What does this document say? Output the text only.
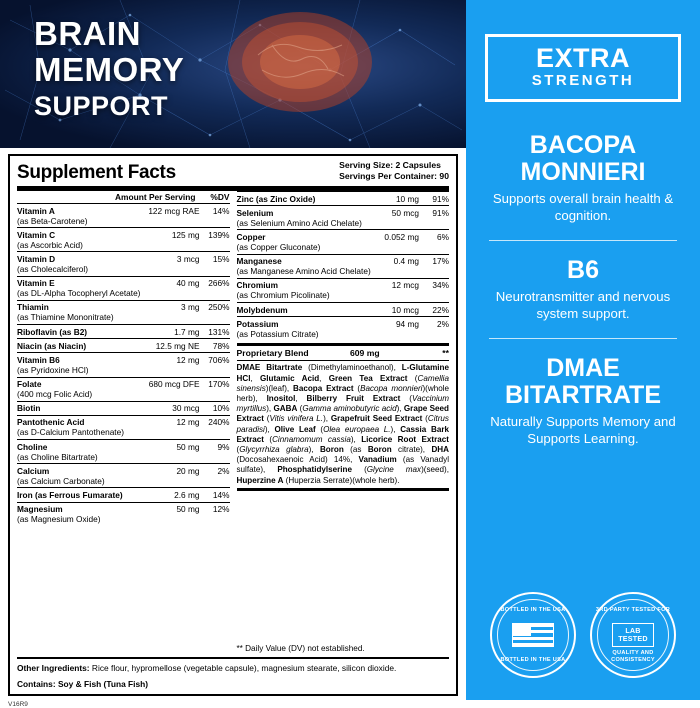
BRAIN
MEMORY
SUPPORT
Supplement Facts	Serving Size: 2 Capsules
Servings Per Container: 90
Amount Per Serving	%DV
Vitamin A
(as Beta-Carotene)	122 mcg RAE	14%
Vitamin C
(as Ascorbic Acid)	125 mg	139%
Vitamin D
(as Cholecalciferol)	3 mcg	15%
Vitamin E
(as DL-Alpha Tocopheryl Acetate)	40 mg	266%
Thiamin
(as Thiamine Mononitrate)	3 mg	250%
Riboflavin (as B2)	1.7 mg	131%
Niacin (as Niacin)	12.5 mg NE	78%
Vitamin B6
(as Pyridoxine HCl)	12 mg	706%
Folate
(400 mcg Folic Acid)	680 mcg DFE	170%
Biotin	30 mcg	10%
Pantothenic Acid
(as D-Calcium Pantothenate)	12 mg	240%
Choline
(as Choline Bitartrate)	50 mg	9%
Calcium
(as Calcium Carbonate)	20 mg	2%
Iron (as Ferrous Fumarate)	2.6 mg	14%
Magnesium
(as Magnesium Oxide)	50 mg	12%
Zinc (as Zinc Oxide)	10 mg	91%
Selenium
(as Selenium Amino Acid Chelate)	50 mcg	91%
Copper
(as Copper Gluconate)	0.052 mg	6%
Manganese
(as Manganese Amino Acid Chelate)	0.4 mg	17%
Chromium
(as Chromium Picolinate)	12 mcg	34%
Molybdenum	10 mcg	22%
Potassium
(as Potassium Citrate)	94 mg	2%
Proprietary Blend	609 mg	**
DMAE Bitartrate (Dimethylaminoethanol), L-Glutamine HCl, Glutamic Acid, Green Tea Extract (Camellia sinensis)(leaf), Bacopa Extract (Bacopa monnieri)(whole herb), Inositol, Bilberry Fruit Extract (Vaccinium myrtillus), GABA (Gamma aminobutyric acid), Grape Seed Extract (Vitis vinifera L.), Grapefruit Seed Extract (Citrus paradisi), Olive Leaf (Olea europaea L.), Cassia Bark Extract (Cinnamomum cassia), Licorice Root Extract (Glycyrrhiza glabra), Boron (as Boron citrate), DHA (Docosahexaenoic Acid) 14%, Vanadium (as Vanadyl sulfate), Phosphatidylserine (Glycine max)(seed), Huperzine A (Huperzia Serrate)(whole herb).
** Daily Value (DV) not established.
Other Ingredients: Rice flour, hypromellose (vegetable capsule), magnesium stearate, silicon dioxide.
Contains: Soy & Fish (Tuna Fish)
V16R9
EXTRA
STRENGTH
BACOPA MONNIERI
Supports overall brain health & cognition.
B6
Neurotransmitter and nervous system support.
DMAE BITARTRATE
Naturally Supports Memory and Supports Learning.
BOTTLED IN THE USA
BOTTLED IN THE USA
3RD PARTY TESTED FOR
LAB
TESTED
QUALITY AND CONSISTENCY
